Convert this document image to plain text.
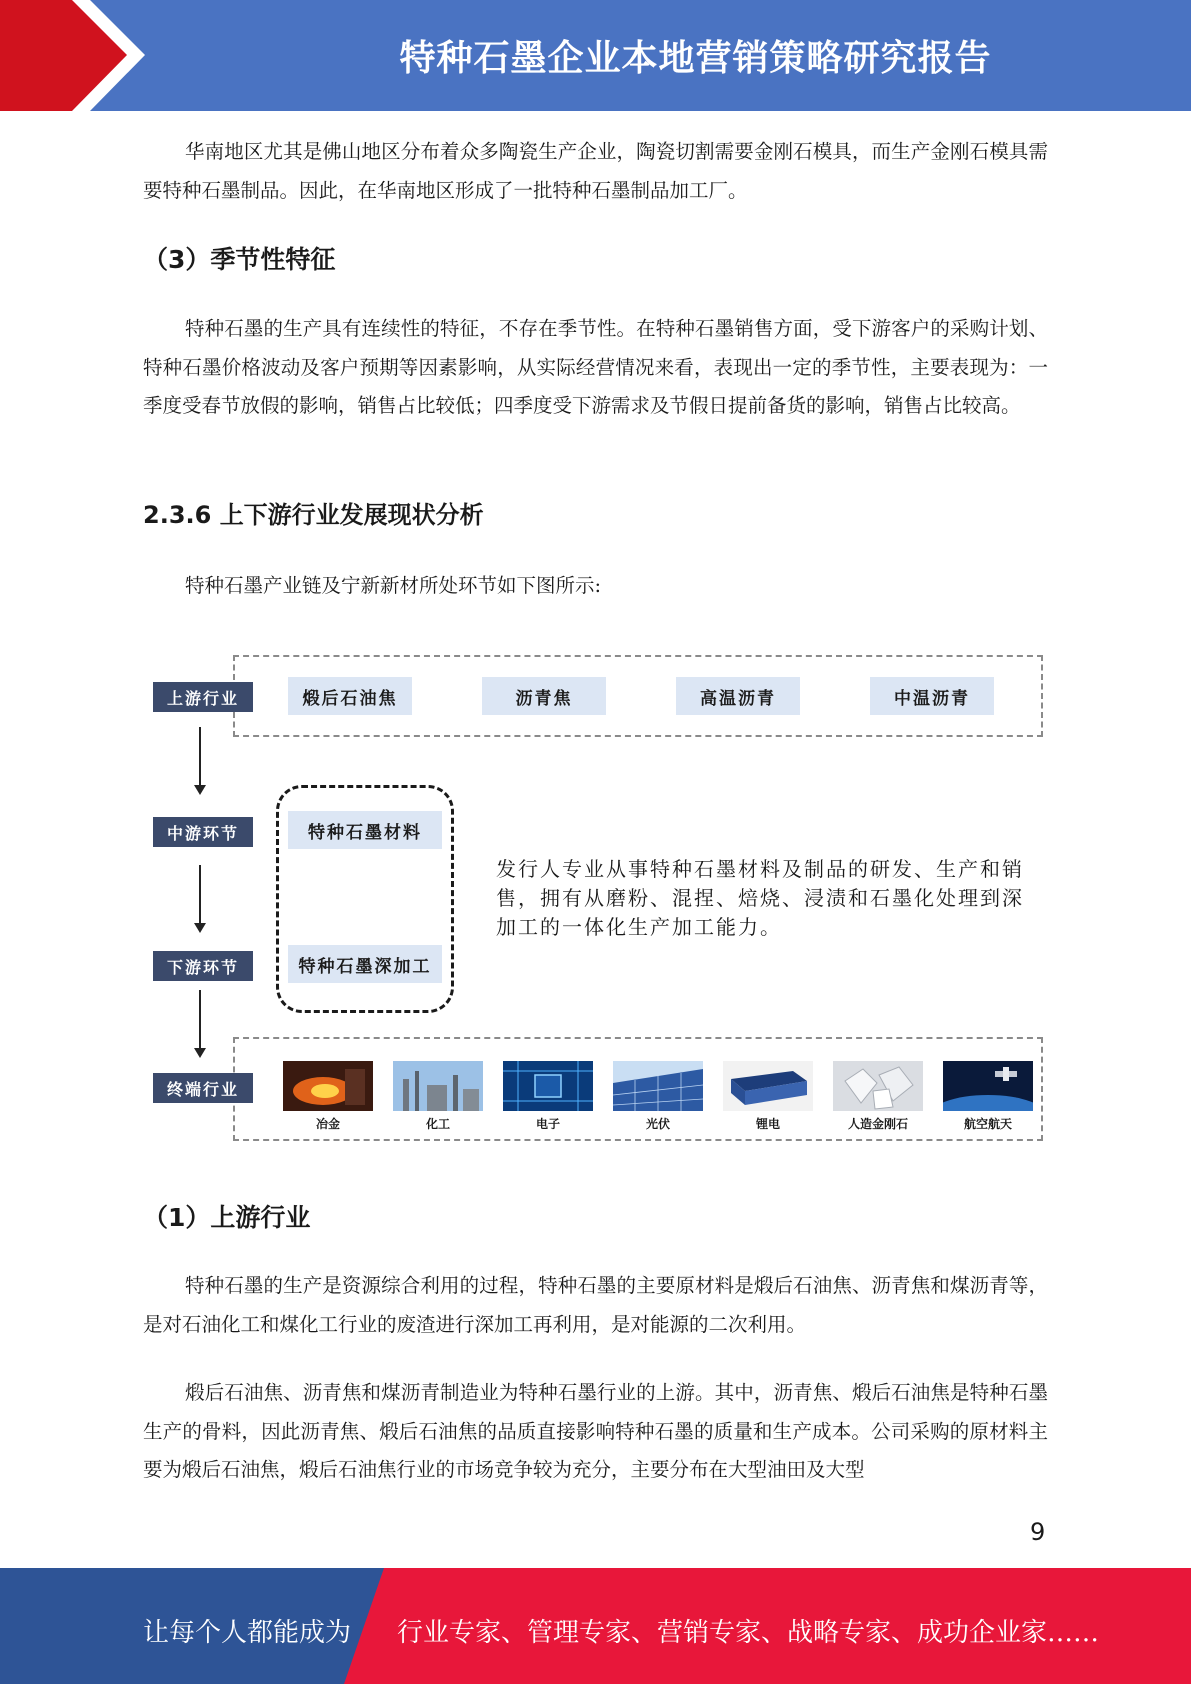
特种石墨企业本地营销策略研究报告

华南地区尤其是佛山地区分布着众多陶瓷生产企业，陶瓷切割需要金刚石模具，而生产金刚石模具需要特种石墨制品。因此，在华南地区形成了一批特种石墨制品加工厂。

（3）季节性特征

特种石墨的生产具有连续性的特征，不存在季节性。在特种石墨销售方面，受下游客户的采购计划、特种石墨价格波动及客户预期等因素影响，从实际经营情况来看，表现出一定的季节性，主要表现为：一季度受春节放假的影响，销售占比较低；四季度受下游需求及节假日提前备货的影响，销售占比较高。

2.3.6 上下游行业发展现状分析

特种石墨产业链及宁新新材所处环节如下图所示:

上游行业	煅后石油焦	沥青焦	高温沥青	中温沥青
中游环节	特种石墨材料
下游环节	特种石墨深加工
发行人专业从事特种石墨材料及制品的研发、生产和销售，拥有从磨粉、混捏、焙烧、浸渍和石墨化处理到深加工的一体化生产加工能力。
终端行业
冶金	化工	电子	光伏	锂电	人造金刚石	航空航天
（1）上游行业

特种石墨的生产是资源综合利用的过程，特种石墨的主要原材料是煅后石油焦、沥青焦和煤沥青等，是对石油化工和煤化工行业的废渣进行深加工再利用，是对能源的二次利用。

煅后石油焦、沥青焦和煤沥青制造业为特种石墨行业的上游。其中，沥青焦、煅后石油焦是特种石墨生产的骨料，因此沥青焦、煅后石油焦的品质直接影响特种石墨的质量和生产成本。公司采购的原材料主要为煅后石油焦，煅后石油焦行业的市场竞争较为充分，主要分布在大型油田及大型

9
让每个人都能成为 行业专家、管理专家、营销专家、战略专家、成功企业家……
